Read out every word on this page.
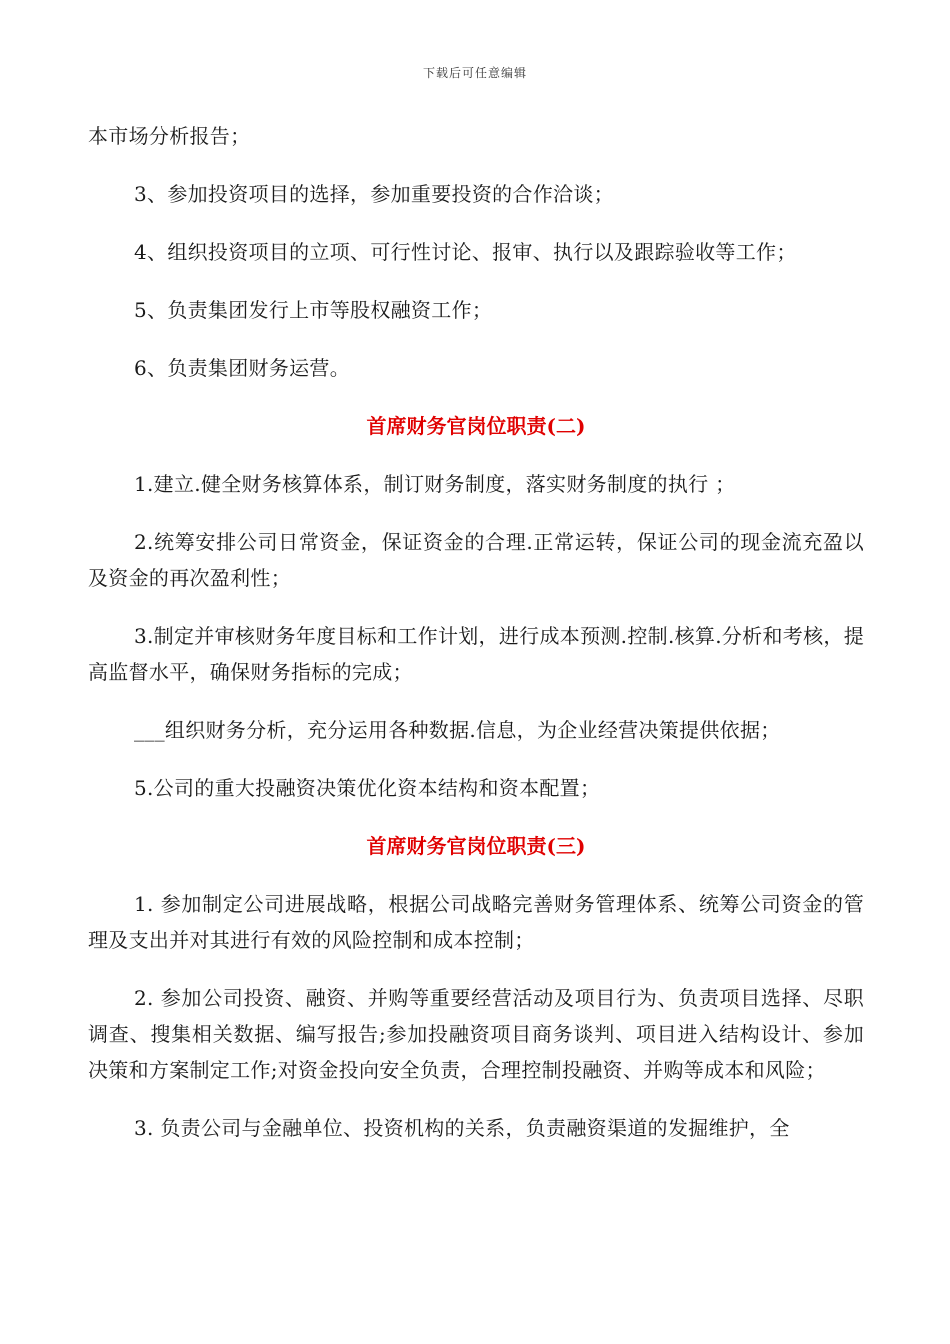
下载后可任意编辑

本市场分析报告；

3、参加投资项目的选择，参加重要投资的合作洽谈；

4、组织投资项目的立项、可行性讨论、报审、执行以及跟踪验收等工作；

5、负责集团发行上市等股权融资工作；

6、负责集团财务运营。

首席财务官岗位职责(二)

1.建立.健全财务核算体系，制订财务制度，落实财务制度的执行 ；

2.统筹安排公司日常资金，保证资金的合理.正常运转，保证公司的现金流充盈以及资金的再次盈利性；

3.制定并审核财务年度目标和工作计划，进行成本预测.控制.核算.分析和考核，提高监督水平，确保财务指标的完成；

___组织财务分析，充分运用各种数据.信息，为企业经营决策提供依据；

5.公司的重大投融资决策优化资本结构和资本配置；

首席财务官岗位职责(三)

1. 参加制定公司进展战略，根据公司战略完善财务管理体系、统筹公司资金的管理及支出并对其进行有效的风险控制和成本控制；

2. 参加公司投资、融资、并购等重要经营活动及项目行为、负责项目选择、尽职调查、搜集相关数据、编写报告;参加投融资项目商务谈判、项目进入结构设计、参加决策和方案制定工作;对资金投向安全负责，合理控制投融资、并购等成本和风险；

3. 负责公司与金融单位、投资机构的关系，负责融资渠道的发掘维护，全
